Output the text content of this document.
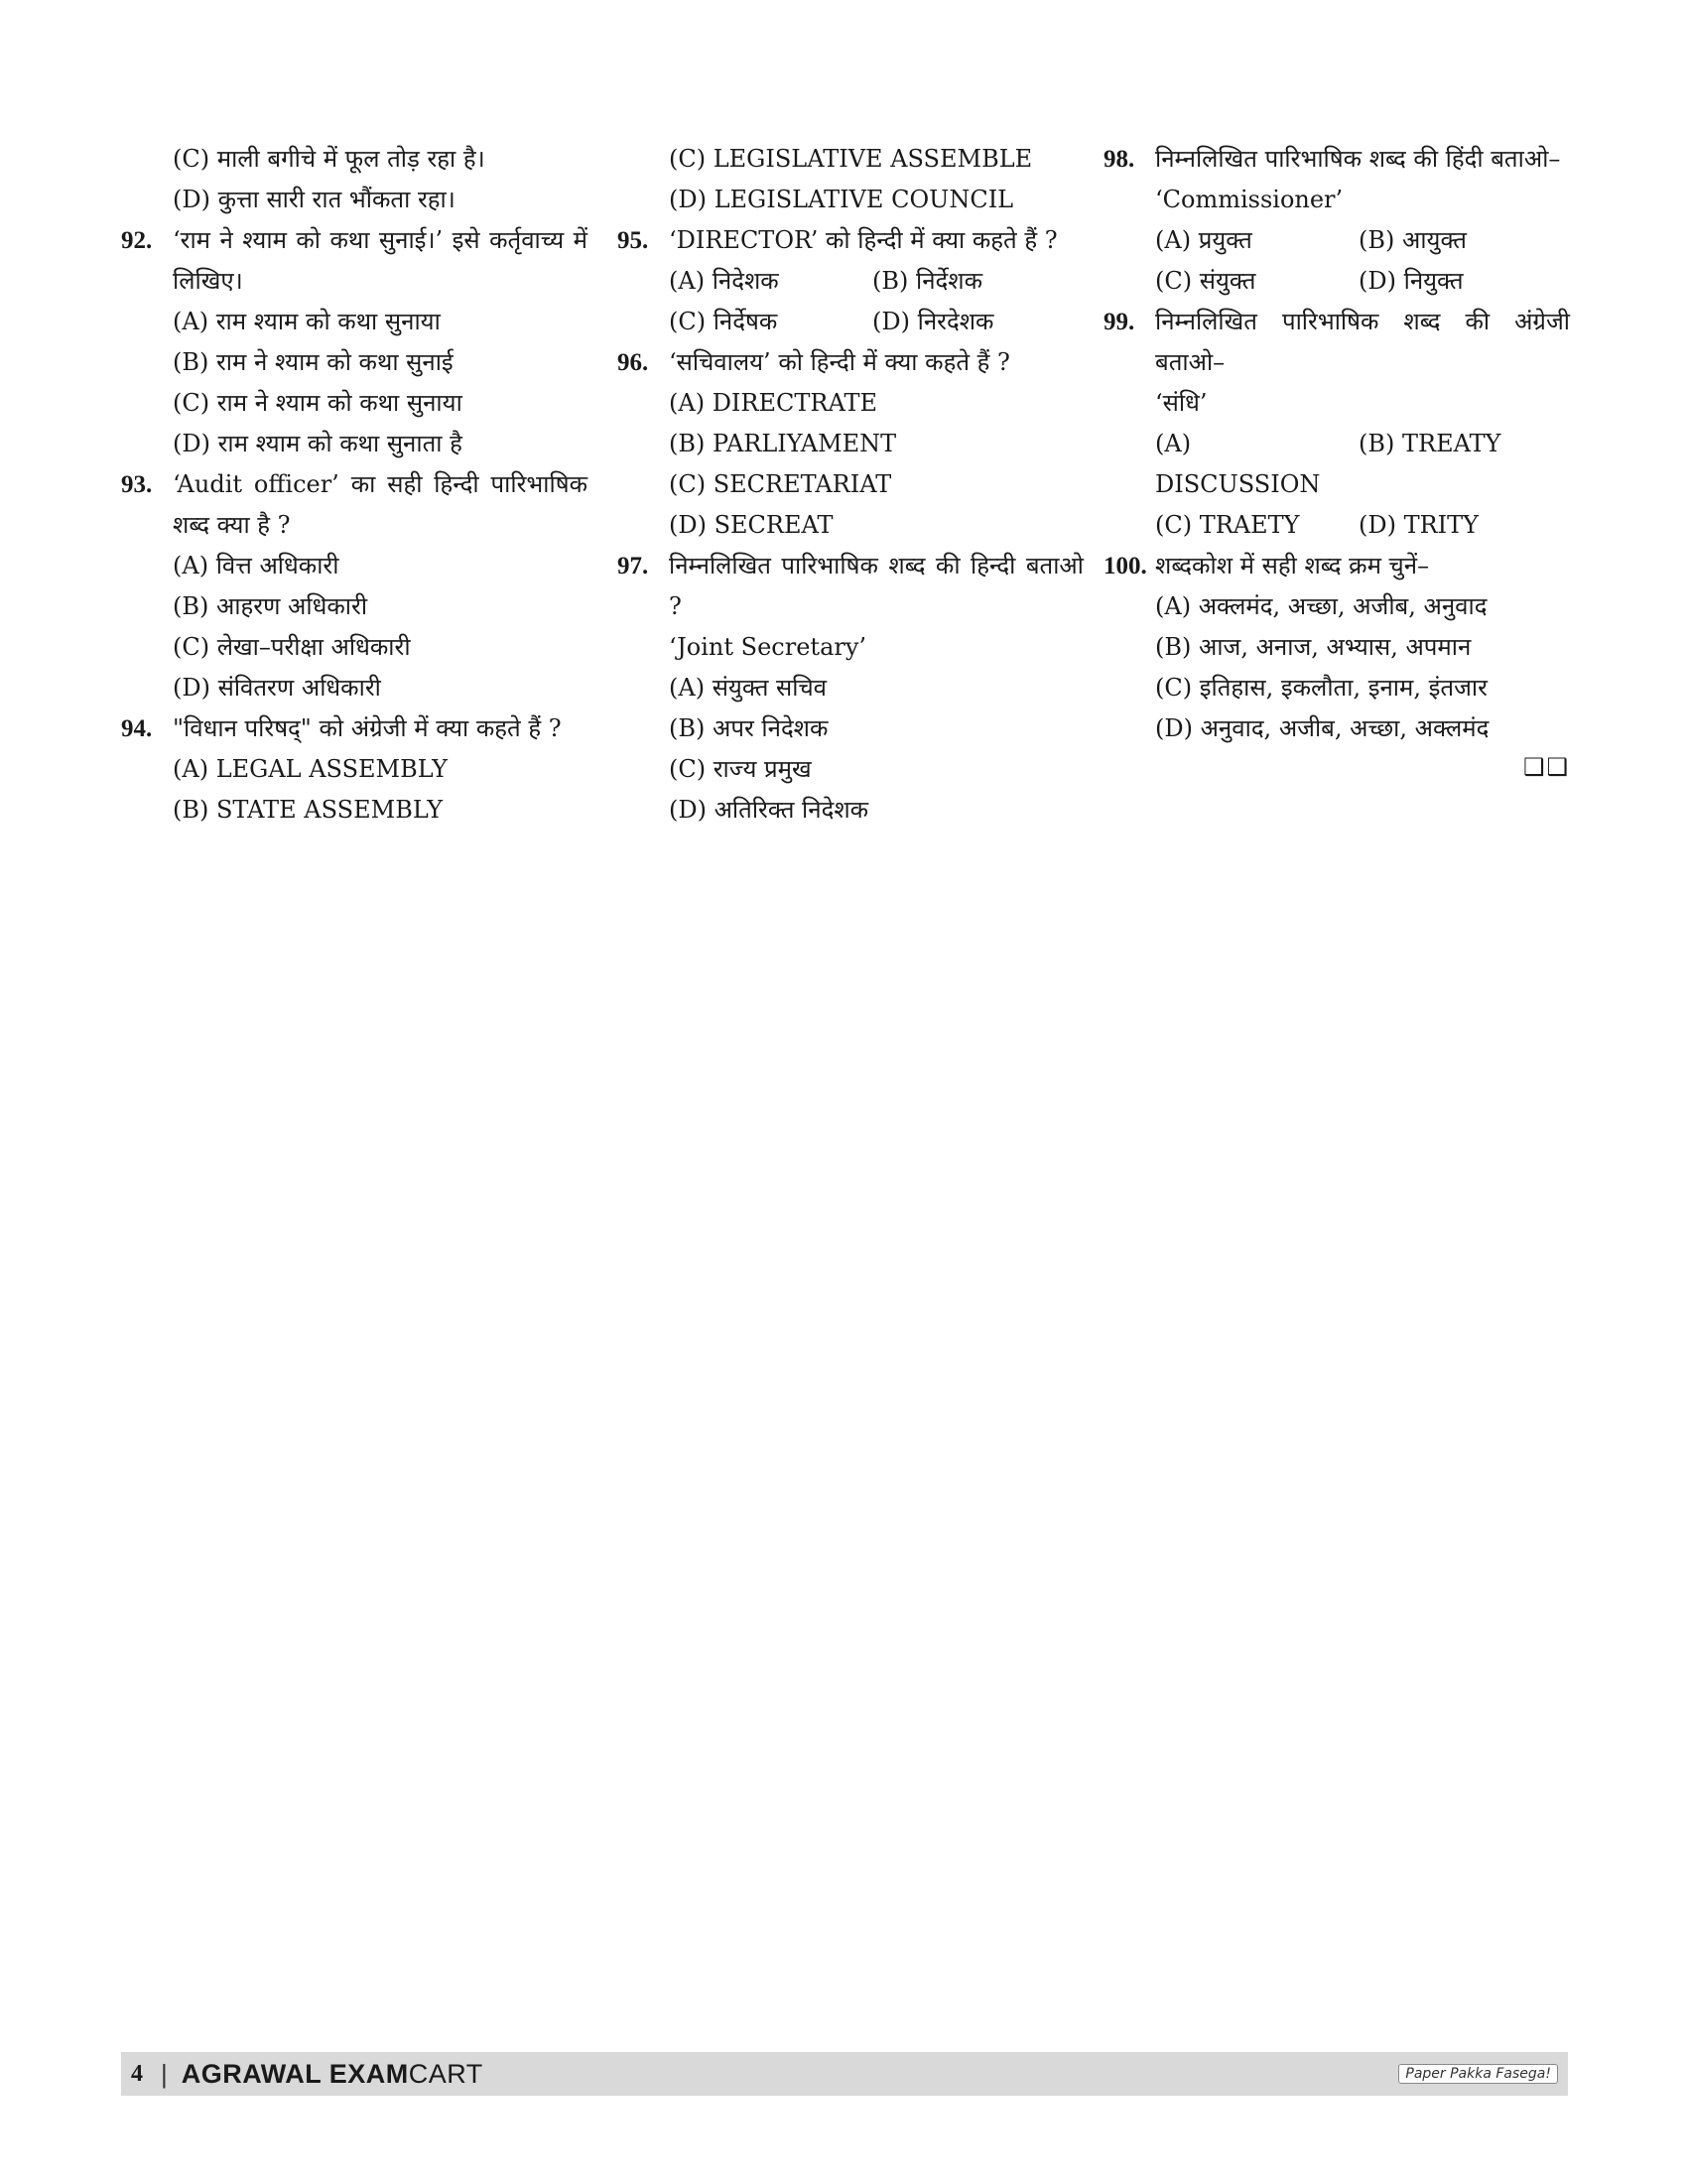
(C) माली बगीचे में फूल तोड़ रहा है।
(D) कुत्ता सारी रात भौंकता रहा।
92. ‘राम ने श्याम को कथा सुनाई।’ इसे कर्तृवाच्य में लिखिए।
(A) राम श्याम को कथा सुनाया
(B) राम ने श्याम को कथा सुनाई
(C) राम ने श्याम को कथा सुनाया
(D) राम श्याम को कथा सुनाता है
93. ‘Audit officer’ का सही हिन्दी पारिभाषिक शब्द क्या है ?
(A) वित्त अधिकारी
(B) आहरण अधिकारी
(C) लेखा–परीक्षा अधिकारी
(D) संवितरण अधिकारी
94. "विधान परिषद्" को अंग्रेजी में क्या कहते हैं ?
(A) LEGAL ASSEMBLY
(B) STATE ASSEMBLY
(C) LEGISLATIVE ASSEMBLE
(D) LEGISLATIVE COUNCIL
95. ‘DIRECTOR’ को हिन्दी में क्या कहते हैं ?
(A) निदेशक	(B) निर्देशक
(C) निर्देषक	(D) निरदेशक
96. ‘सचिवालय’ को हिन्दी में क्या कहते हैं ?
(A) DIRECTRATE
(B) PARLIYAMENT
(C) SECRETARIAT
(D) SECREAT
97. निम्नलिखित पारिभाषिक शब्द की हिन्दी बताओ ?
‘Joint Secretary’
(A) संयुक्त सचिव
(B) अपर निदेशक
(C) राज्य प्रमुख
(D) अतिरिक्त निदेशक
98. निम्नलिखित पारिभाषिक शब्द की हिंदी बताओ–
‘Commissioner’
(A) प्रयुक्त	(B) आयुक्त
(C) संयुक्त	(D) नियुक्त
99. निम्नलिखित पारिभाषिक शब्द की अंग्रेजी बताओ–
‘संधि’
(A) DISCUSSION
(B) TREATY
(C) TRAETY	(D) TRITY
100. शब्दकोश में सही शब्द क्रम चुनें–
(A) अक्लमंद, अच्छा, अजीब, अनुवाद
(B) आज, अनाज, अभ्यास, अपमान
(C) इतिहास, इकलौता, इनाम, इंतजार
(D) अनुवाद, अजीब, अच्छा, अक्लमंद
❑❑
4 | AGRAWAL EXAMCART	Paper Pakka Fasega!
